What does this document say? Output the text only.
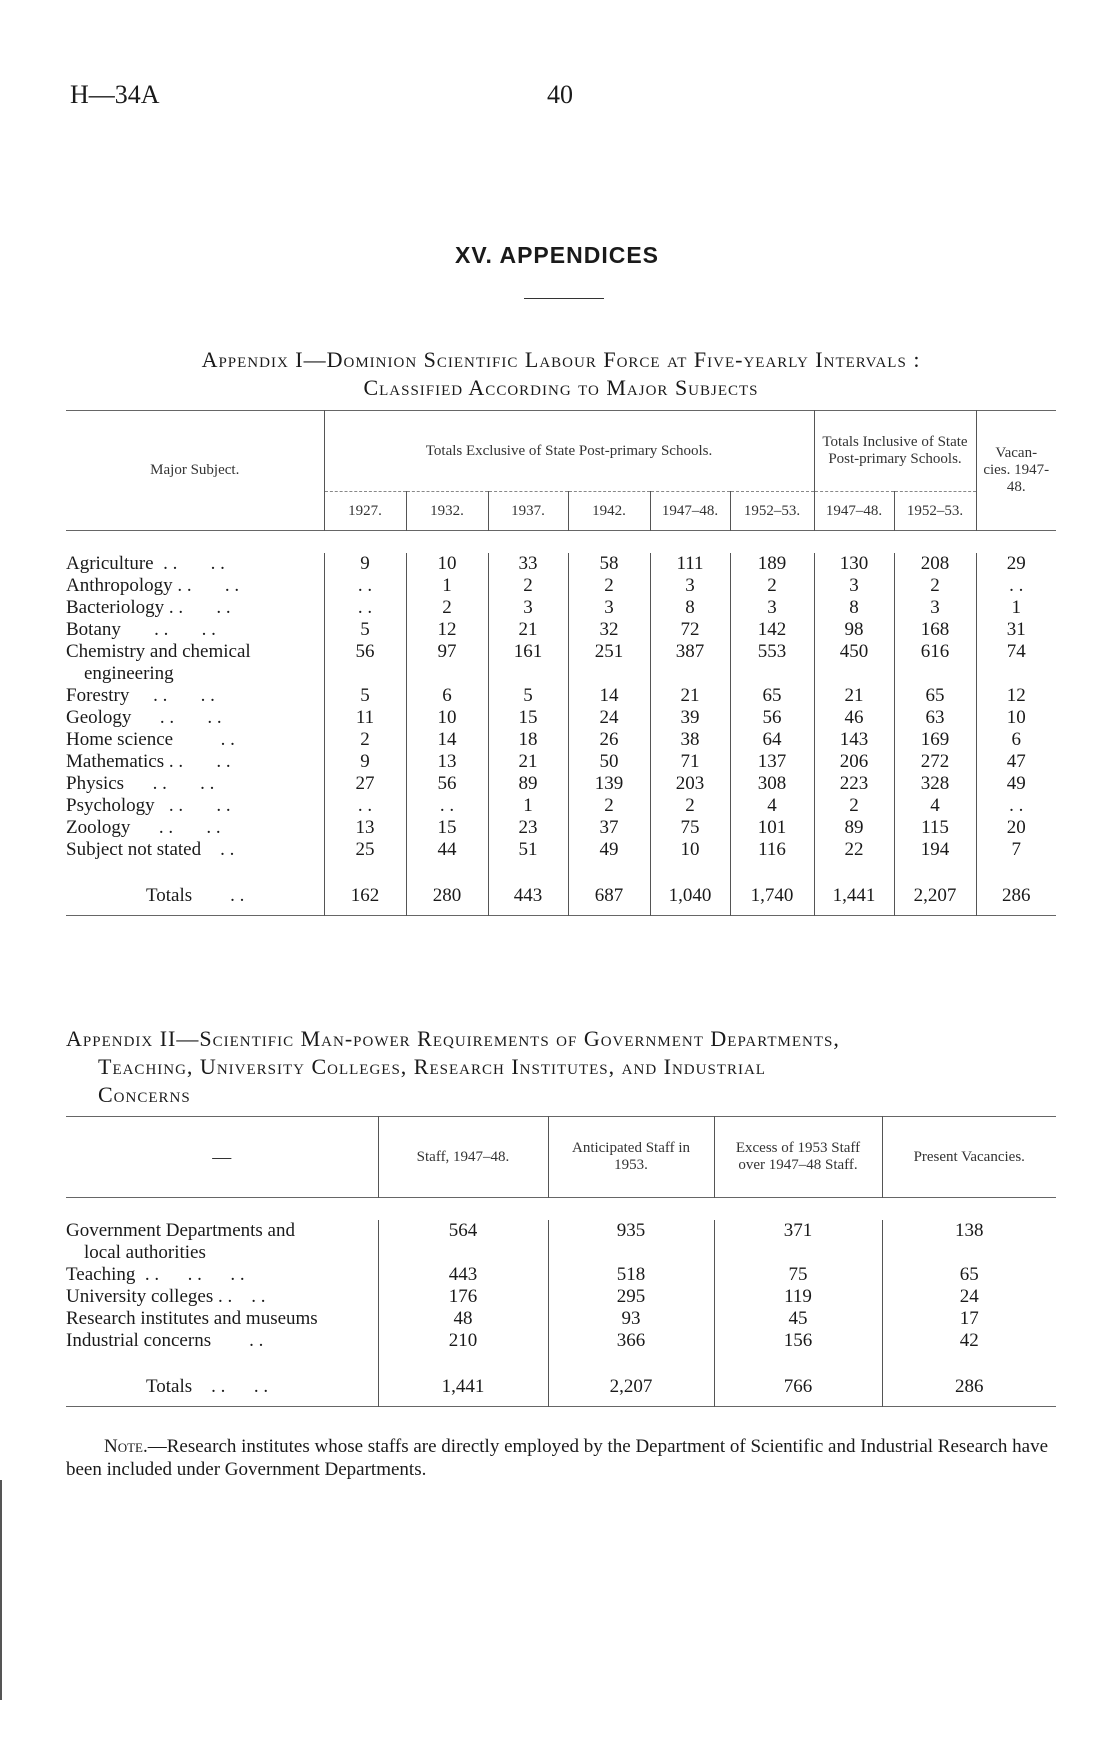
H—34A	40
XV. APPENDICES
Appendix I—Dominion Scientific Labour Force at Five-yearly Intervals :
Classified According to Major Subjects
Major Subject.	Totals Exclusive of State Post-primary Schools.						Totals Inclusive of State Post-primary Schools.		Vacan-cies. 1947-48.
	1927.	1932.	1937.	1942.	1947–48.	1952–53.	1947–48.	1952–53.	

Agriculture  . .       . .	9	10	33	58	111	189	130	208	29

Anthropology . .       . .	. .	1	2	2	3	2	3	2	. .

Bacteriology . .       . .	. .	2	3	3	8	3	8	3	1

Botany       . .       . .	5	12	21	32	72	142	98	168	31

Chemistry and chemical
engineering	56	97	161	251	387	553	450	616	74

Forestry     . .       . .	5	6	5	14	21	65	21	65	12

Geology      . .       . .	11	10	15	24	39	56	46	63	10

Home science          . .	2	14	18	26	38	64	143	169	6

Mathematics . .       . .	9	13	21	50	71	137	206	272	47

Physics      . .       . .	27	56	89	139	203	308	223	328	49

Psychology   . .       . .	. .	. .	1	2	2	4	2	4	. .

Zoology      . .       . .	13	15	23	37	75	101	89	115	20

Subject not stated    . .	25	44	51	49	10	116	22	194	7

Totals        . .	162	280	443	687	1,040	1,740	1,441	2,207	286
Appendix II—Scientific Man-power Requirements of Government Departments,
Teaching, University Colleges, Research Institutes, and Industrial
Concerns
—	Staff, 1947–48.	Anticipated Staff in 1953.	Excess of 1953 Staff over 1947–48 Staff.	Present Vacancies.

Government Departments and
local authorities	564	935	371	138

Teaching  . .      . .      . .	443	518	75	65

University colleges . .    . .	176	295	119	24

Research institutes and museums	48	93	45	17

Industrial concerns        . .	210	366	156	42

Totals    . .      . .	1,441	2,207	766	286
Note.—Research institutes whose staffs are directly employed by the Department of Scientific and Industrial Research have been included under Government Departments.
